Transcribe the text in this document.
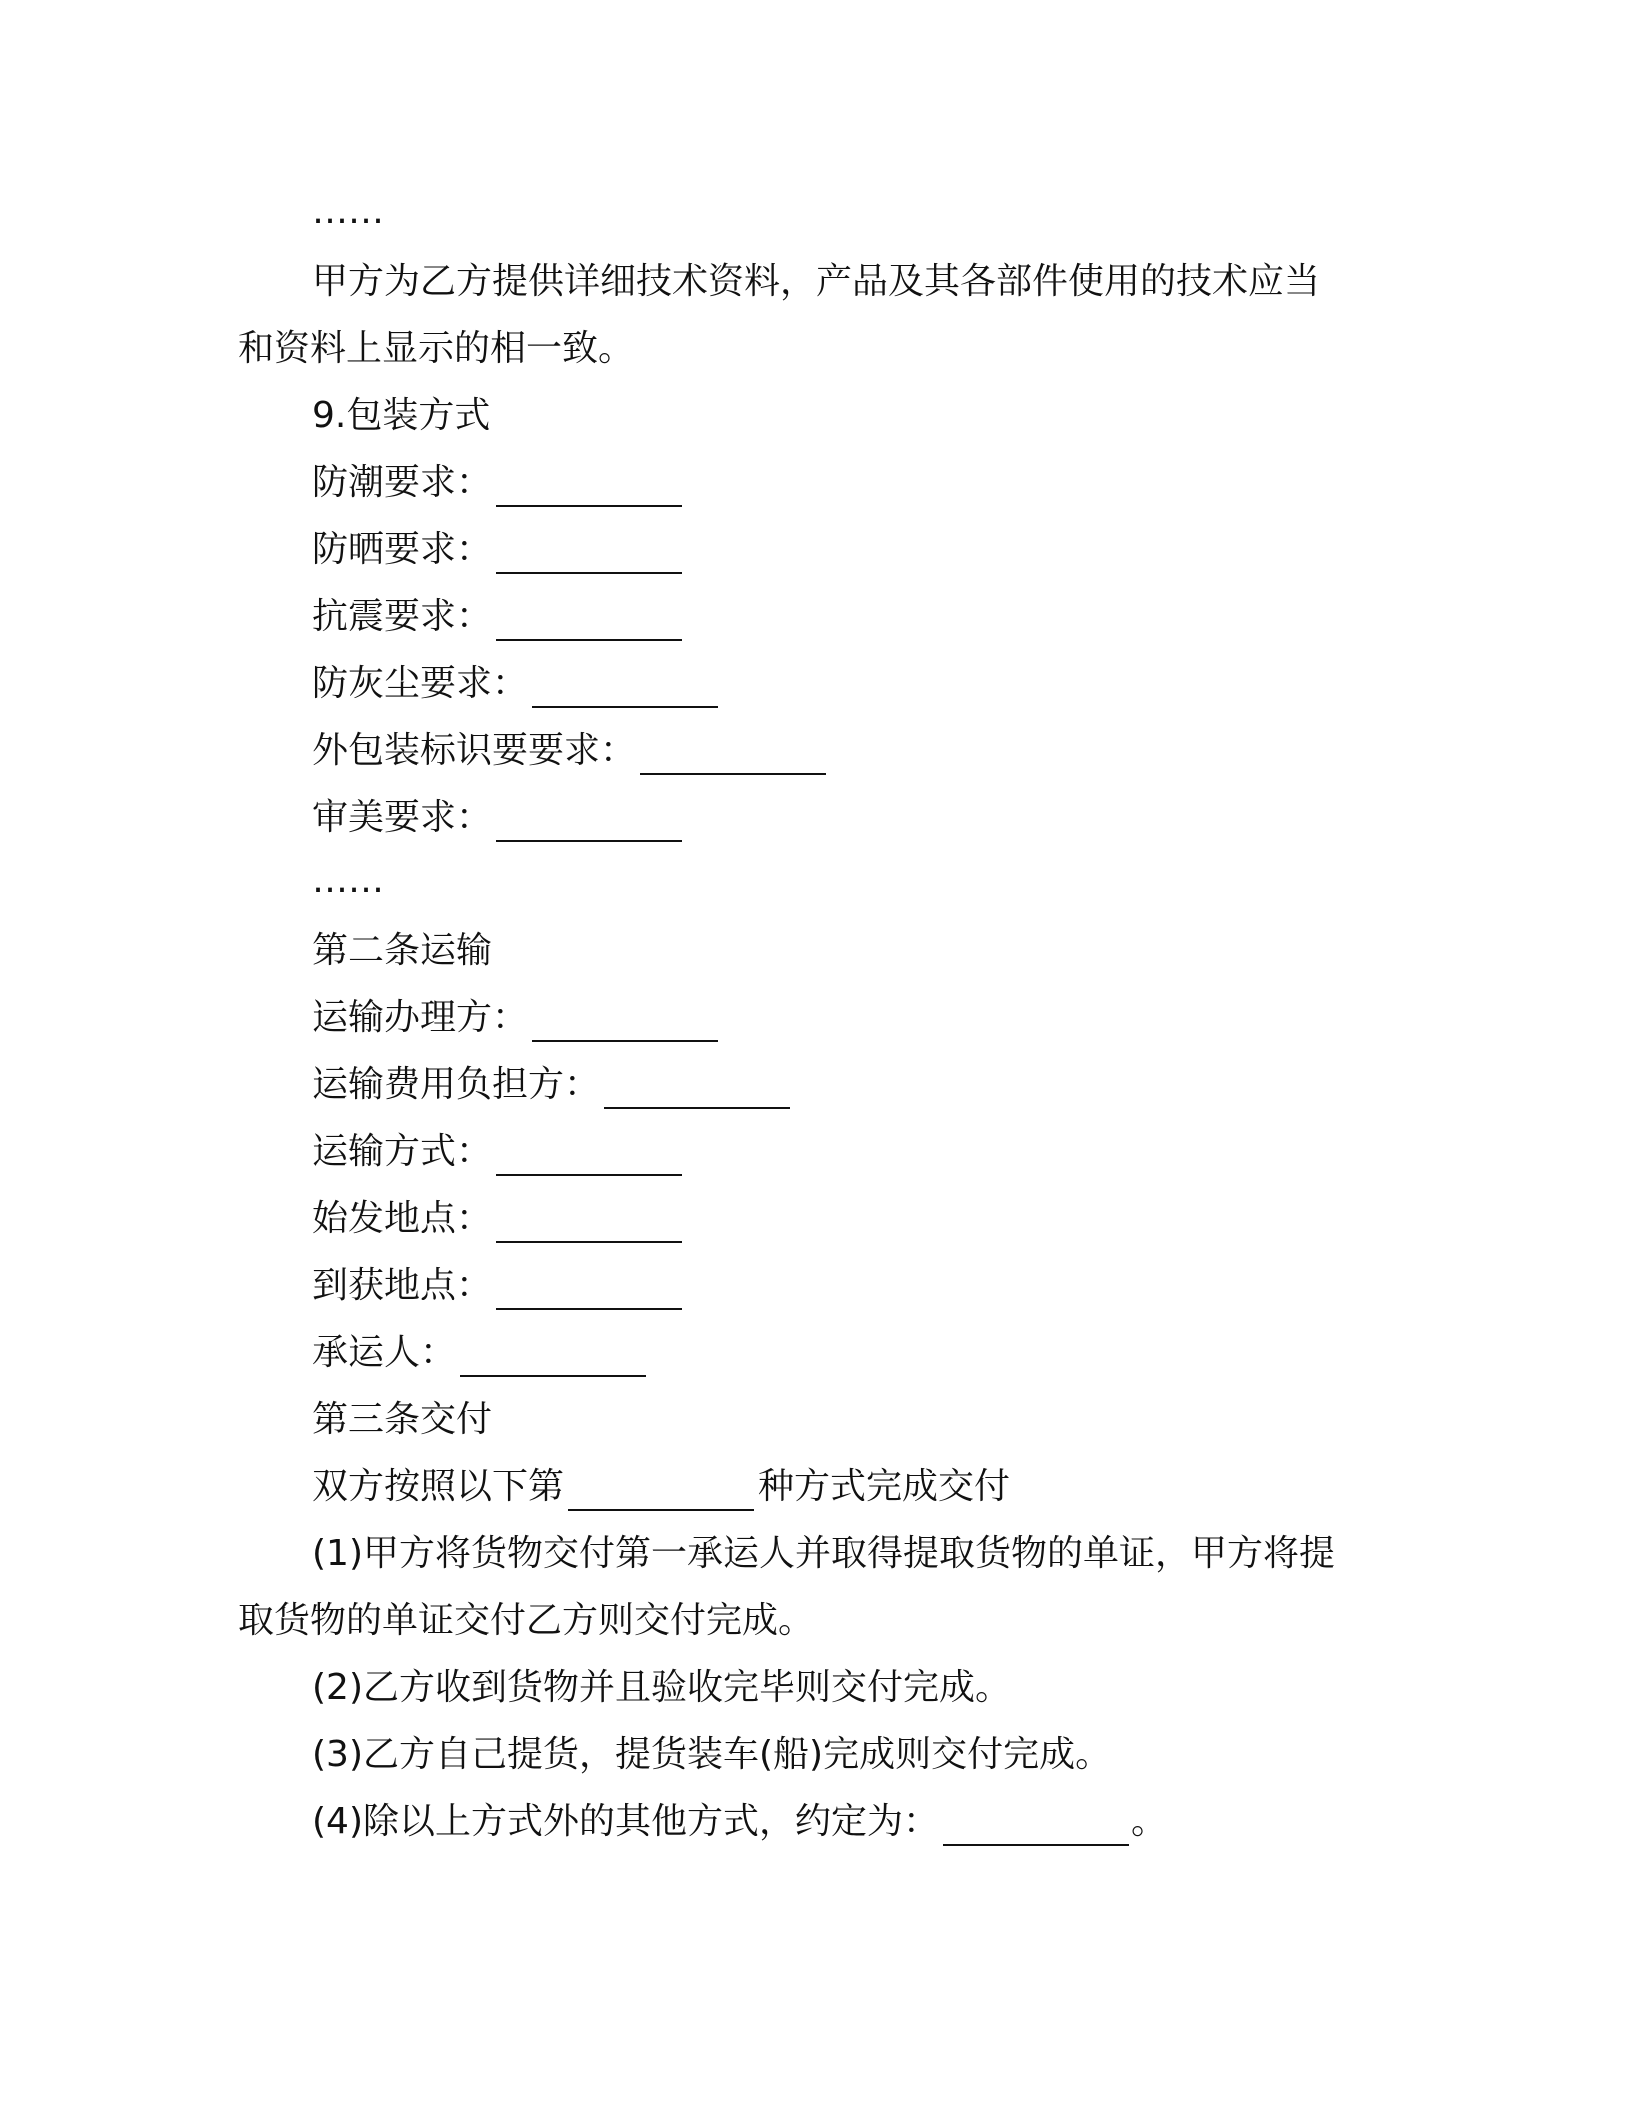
……
甲方为乙方提供详细技术资料，产品及其各部件使用的技术应当
和资料上显示的相一致。
9.包装方式
防潮要求：
防晒要求：
抗震要求：
防灰尘要求：
外包装标识要要求：
审美要求：
……
第二条运输
运输办理方：
运输费用负担方：
运输方式：
始发地点：
到获地点：
承运人：
第三条交付
双方按照以下第	种方式完成交付
(1)甲方将货物交付第一承运人并取得提取货物的单证，甲方将提
取货物的单证交付乙方则交付完成。
(2)乙方收到货物并且验收完毕则交付完成。
(3)乙方自己提货，提货装车(船)完成则交付完成。
(4)除以上方式外的其他方式，约定为：	。
